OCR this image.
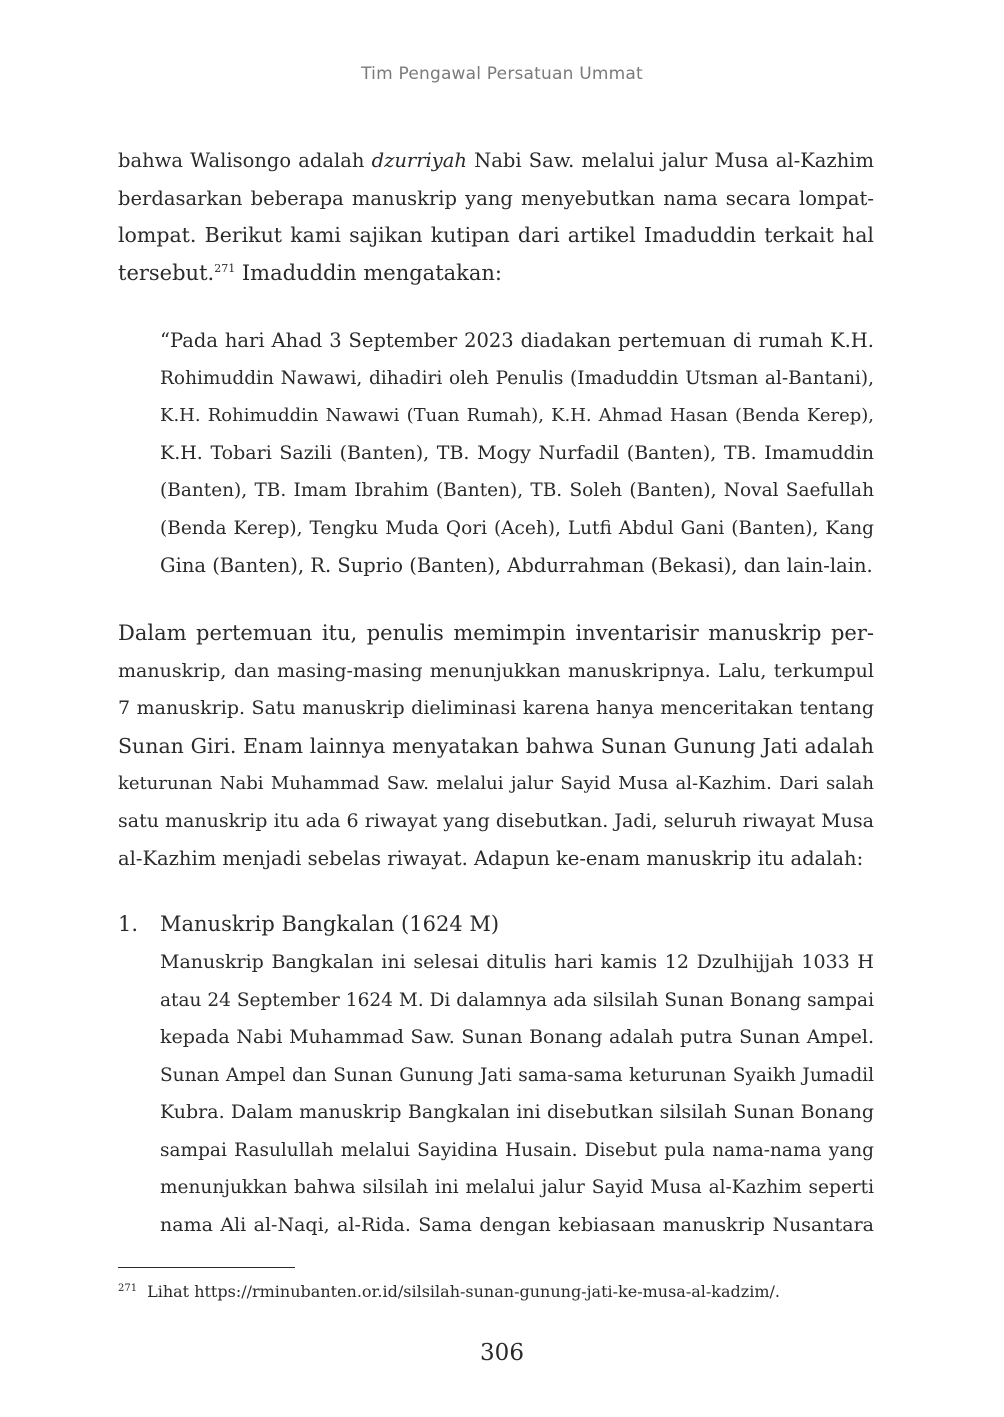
Tim Pengawal Persatuan Ummat
bahwa Walisongo adalah dzurriyah Nabi Saw. melalui jalur Musa al-Kazhim
berdasarkan beberapa manuskrip yang menyebutkan nama secara lompat-
lompat. Berikut kami sajikan kutipan dari artikel Imaduddin terkait hal
tersebut.$^{271}$ Imaduddin mengatakan:
“Pada hari Ahad 3 September 2023 diadakan pertemuan di rumah K.H.
Rohimuddin Nawawi, dihadiri oleh Penulis (Imaduddin Utsman al-Bantani),
K.H. Rohimuddin Nawawi (Tuan Rumah), K.H. Ahmad Hasan (Benda Kerep),
K.H. Tobari Sazili (Banten), TB. Mogy Nurfadil (Banten), TB. Imamuddin
(Banten), TB. Imam Ibrahim (Banten), TB. Soleh (Banten), Noval Saefullah
(Benda Kerep), Tengku Muda Qori (Aceh), Lutfi Abdul Gani (Banten), Kang
Gina (Banten), R. Suprio (Banten), Abdurrahman (Bekasi), dan lain-lain.
Dalam pertemuan itu, penulis memimpin inventarisir manuskrip per-
manuskrip, dan masing-masing menunjukkan manuskripnya. Lalu, terkumpul
7 manuskrip. Satu manuskrip dieliminasi karena hanya menceritakan tentang
Sunan Giri. Enam lainnya menyatakan bahwa Sunan Gunung Jati adalah
keturunan Nabi Muhammad Saw. melalui jalur Sayid Musa al-Kazhim. Dari salah
satu manuskrip itu ada 6 riwayat yang disebutkan. Jadi, seluruh riwayat Musa
al-Kazhim menjadi sebelas riwayat. Adapun ke-enam manuskrip itu adalah:
1. Manuskrip Bangkalan (1624 M)
Manuskrip Bangkalan ini selesai ditulis hari kamis 12 Dzulhijjah 1033 H
atau 24 September 1624 M. Di dalamnya ada silsilah Sunan Bonang sampai
kepada Nabi Muhammad Saw. Sunan Bonang adalah putra Sunan Ampel.
Sunan Ampel dan Sunan Gunung Jati sama-sama keturunan Syaikh Jumadil
Kubra. Dalam manuskrip Bangkalan ini disebutkan silsilah Sunan Bonang
sampai Rasulullah melalui Sayidina Husain. Disebut pula nama-nama yang
menunjukkan bahwa silsilah ini melalui jalur Sayid Musa al-Kazhim seperti
nama Ali al-Naqi, al-Rida. Sama dengan kebiasaan manuskrip Nusantara
$^{271}$ Lihat https://rminubanten.or.id/silsilah-sunan-gunung-jati-ke-musa-al-kadzim/.
306
